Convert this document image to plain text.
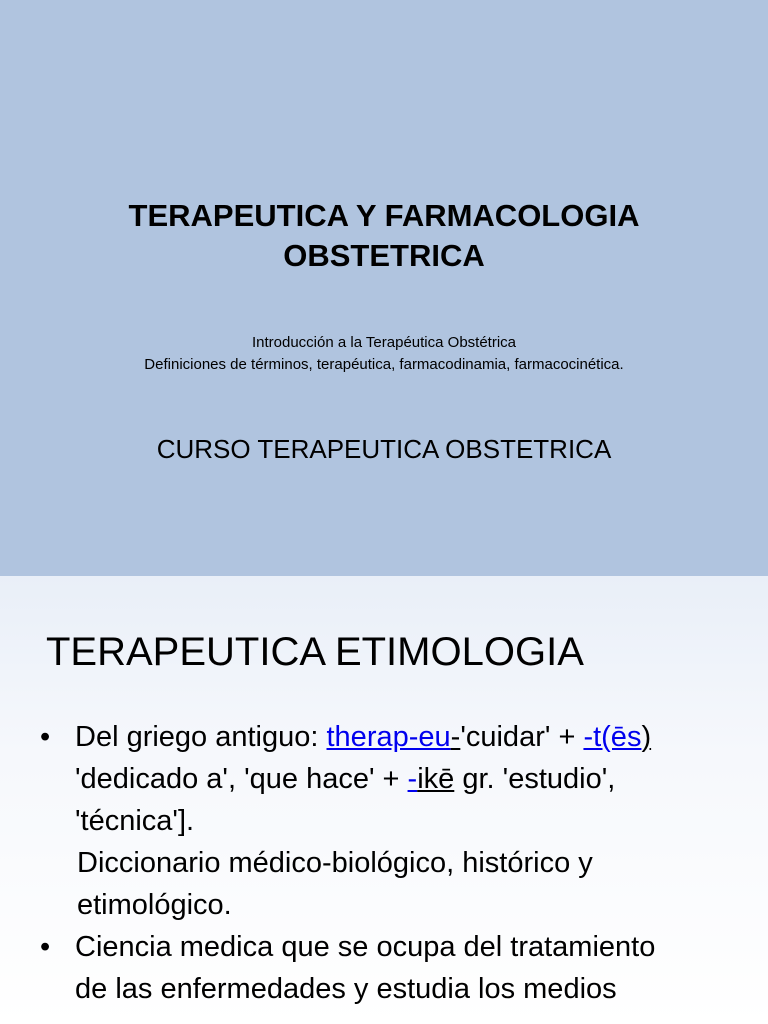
TERAPEUTICA Y FARMACOLOGIA
OBSTETRICA
Introducción a la Terapéutica Obstétrica
Definiciones de términos, terapéutica, farmacodinamia, farmacocinética.
CURSO TERAPEUTICA OBSTETRICA
TERAPEUTICA ETIMOLOGIA
• Del griego antiguo: therap-eu-'cuidar' + -t(ēs)
'dedicado a', 'que hace' + -ikē gr. 'estudio',
'técnica'].
Diccionario médico-biológico, histórico y
etimológico.
• Ciencia medica que se ocupa del tratamiento
de las enfermedades y estudia los medios
